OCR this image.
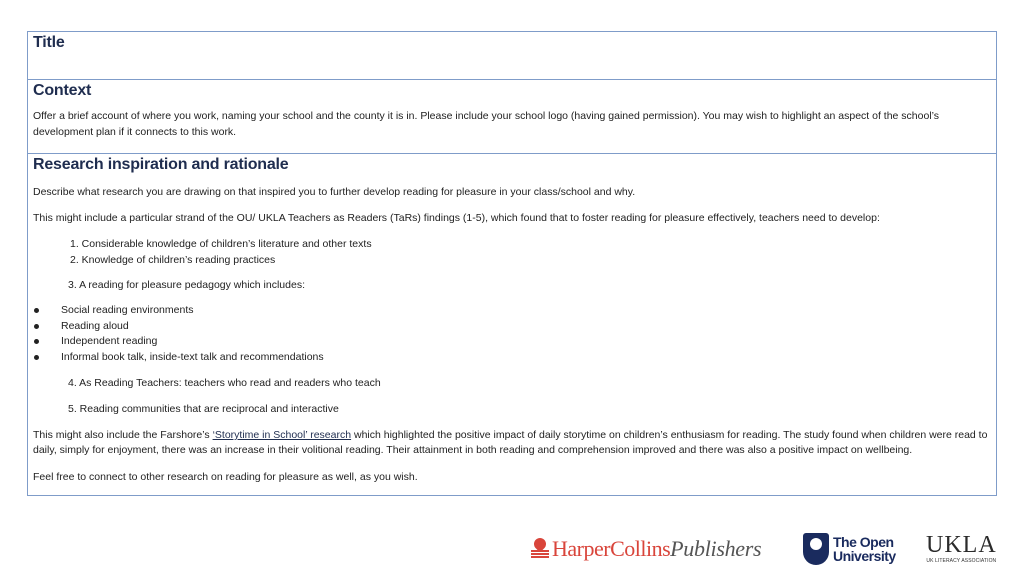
Title
Context

Offer a brief account of where you work, naming your school and the county it is in. Please include your school logo (having gained permission). You may wish to highlight an aspect of the school’s development plan if it connects to this work.

Research inspiration and rationale

Describe what research you are drawing on that inspired you to further develop reading for pleasure in your class/school and why.

This might include a particular strand of the OU/ UKLA Teachers as Readers (TaRs) findings (1-5), which found that to foster reading for pleasure effectively, teachers need to develop:

1. Considerable knowledge of children’s literature and other texts
2. Knowledge of children’s reading practices

3. A reading for pleasure pedagogy which includes:

Social reading environments
Reading aloud
Independent reading
Informal book talk, inside-text talk and recommendations

4. As Reading Teachers: teachers who read and readers who teach

5. Reading communities that are reciprocal and interactive

This might also include the Farshore’s ‘Storytime in School’ research which highlighted the positive impact of daily storytime on children’s enthusiasm for reading. The study found when children were read to daily, simply for enjoyment, there was an increase in their volitional reading. Their attainment in both reading and comprehension improved and there was also a positive impact on wellbeing.

Feel free to connect to other research on reading for pleasure as well, as you wish.

Harper Collins Publishers	The Open
University UKLA
UK LITERACY ASSOCIATION
